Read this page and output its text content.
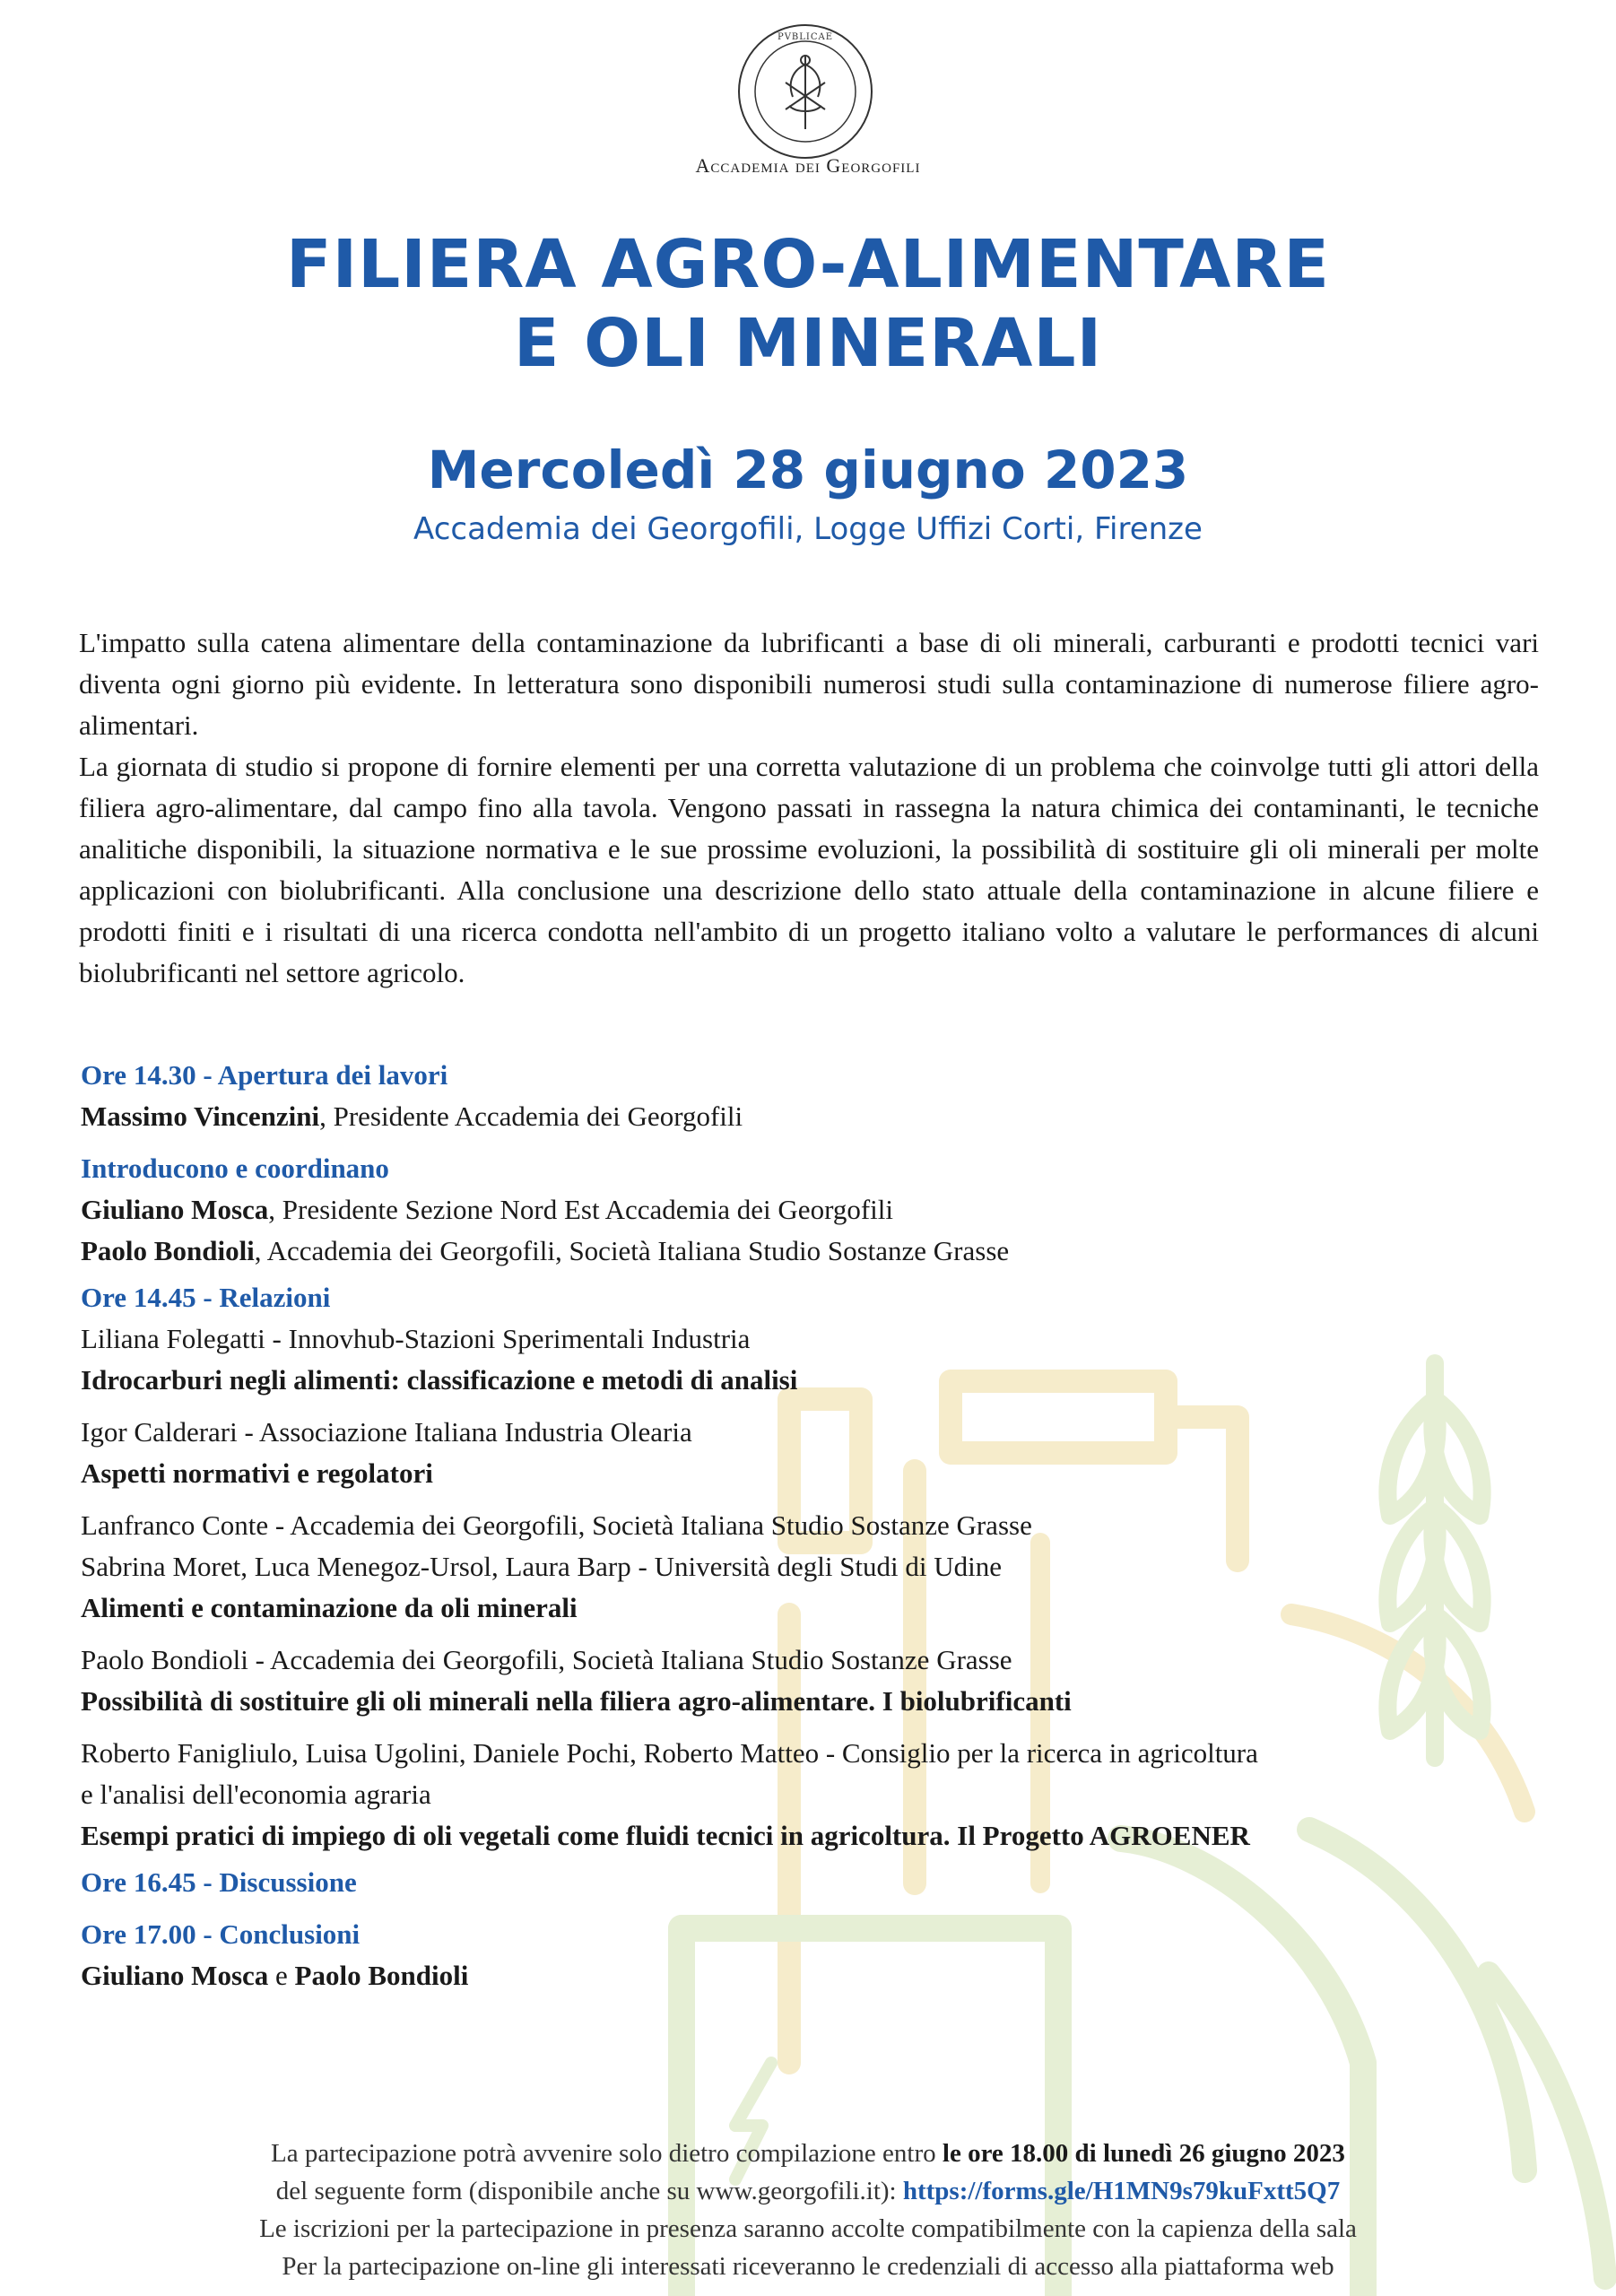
PVBLICAE
Accademia dei Georgofili
FILIERA AGRO-ALIMENTARE
E OLI MINERALI
Mercoledì 28 giugno 2023
Accademia dei Georgofili, Logge Uffizi Corti, Firenze

L'impatto sulla catena alimentare della contaminazione da lubrificanti a base di oli minerali, carburanti e prodotti tecnici vari diventa ogni giorno più evidente. In letteratura sono disponibili numerosi studi sulla contaminazione di numerose filiere agro-alimentari.

La giornata di studio si propone di fornire elementi per una corretta valutazione di un problema che coinvolge tutti gli attori della filiera agro-alimentare, dal campo fino alla tavola. Vengono passati in rassegna la natura chimica dei contaminanti, le tecniche analitiche disponibili, la situazione normativa e le sue prossime evoluzioni, la possibilità di sostituire gli oli minerali per molte applicazioni con biolubrificanti. Alla conclusione una descrizione dello stato attuale della contaminazione in alcune filiere e prodotti finiti e i risultati di una ricerca condotta nell'ambito di un progetto italiano volto a valutare le performances di alcuni biolubrificanti nel settore agricolo.

Ore 14.30 - Apertura dei lavori
Massimo Vincenzini, Presidente Accademia dei Georgofili
Introducono e coordinano
Giuliano Mosca, Presidente Sezione Nord Est Accademia dei Georgofili
Paolo Bondioli, Accademia dei Georgofili, Società Italiana Studio Sostanze Grasse
Ore 14.45 - Relazioni
Liliana Folegatti - Innovhub-Stazioni Sperimentali Industria
Idrocarburi negli alimenti: classificazione e metodi di analisi
Igor Calderari - Associazione Italiana Industria Olearia
Aspetti normativi e regolatori
Lanfranco Conte - Accademia dei Georgofili, Società Italiana Studio Sostanze Grasse
Sabrina Moret, Luca Menegoz-Ursol, Laura Barp - Università degli Studi di Udine
Alimenti e contaminazione da oli minerali
Paolo Bondioli - Accademia dei Georgofili, Società Italiana Studio Sostanze Grasse
Possibilità di sostituire gli oli minerali nella filiera agro-alimentare. I biolubrificanti
Roberto Fanigliulo, Luisa Ugolini, Daniele Pochi, Roberto Matteo - Consiglio per la ricerca in agricoltura
e l'analisi dell'economia agraria
Esempi pratici di impiego di oli vegetali come fluidi tecnici in agricoltura. Il Progetto AGROENER
Ore 16.45 - Discussione
Ore 17.00 - Conclusioni
Giuliano Mosca e Paolo Bondioli
La partecipazione potrà avvenire solo dietro compilazione entro le ore 18.00 di lunedì 26 giugno 2023
del seguente form (disponibile anche su www.georgofili.it): https://forms.gle/H1MN9s79kuFxtt5Q7
Le iscrizioni per la partecipazione in presenza saranno accolte compatibilmente con la capienza della sala
Per la partecipazione on-line gli interessati riceveranno le credenziali di accesso alla piattaforma web
